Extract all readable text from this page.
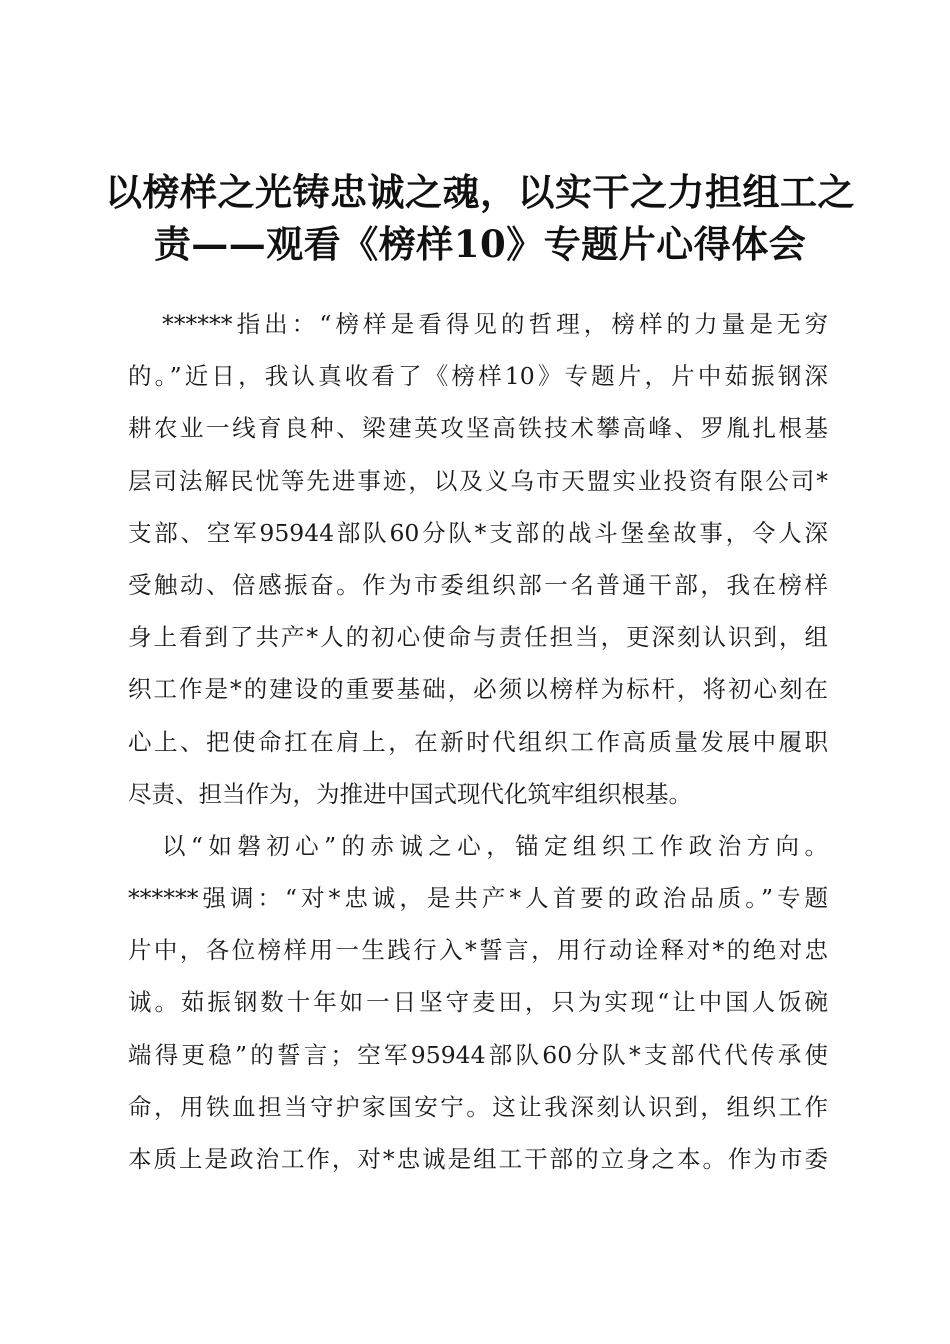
以榜样之光铸忠诚之魂，以实干之力担组工之
责——观看《榜样10》专题片心得体会
******指出：“榜样是看得见的哲理，榜样的力量是无穷
的。”近日，我认真收看了《榜样10》专题片，片中茹振钢深
耕农业一线育良种、梁建英攻坚高铁技术攀高峰、罗胤扎根基
层司法解民忧等先进事迹，以及义乌市天盟实业投资有限公司*
支部、空军95944部队60分队*支部的战斗堡垒故事，令人深
受触动、倍感振奋。作为市委组织部一名普通干部，我在榜样
身上看到了共产*人的初心使命与责任担当，更深刻认识到，组
织工作是*的建设的重要基础，必须以榜样为标杆，将初心刻在
心上、把使命扛在肩上，在新时代组织工作高质量发展中履职
尽责、担当作为，为推进中国式现代化筑牢组织根基。
以“如磐初心”的赤诚之心，锚定组织工作政治方向。
******强调：“对*忠诚，是共产*人首要的政治品质。”专题
片中，各位榜样用一生践行入*誓言，用行动诠释对*的绝对忠
诚。茹振钢数十年如一日坚守麦田，只为实现“让中国人饭碗
端得更稳”的誓言；空军95944部队60分队*支部代代传承使
命，用铁血担当守护家国安宁。这让我深刻认识到，组织工作
本质上是政治工作，对*忠诚是组工干部的立身之本。作为市委
